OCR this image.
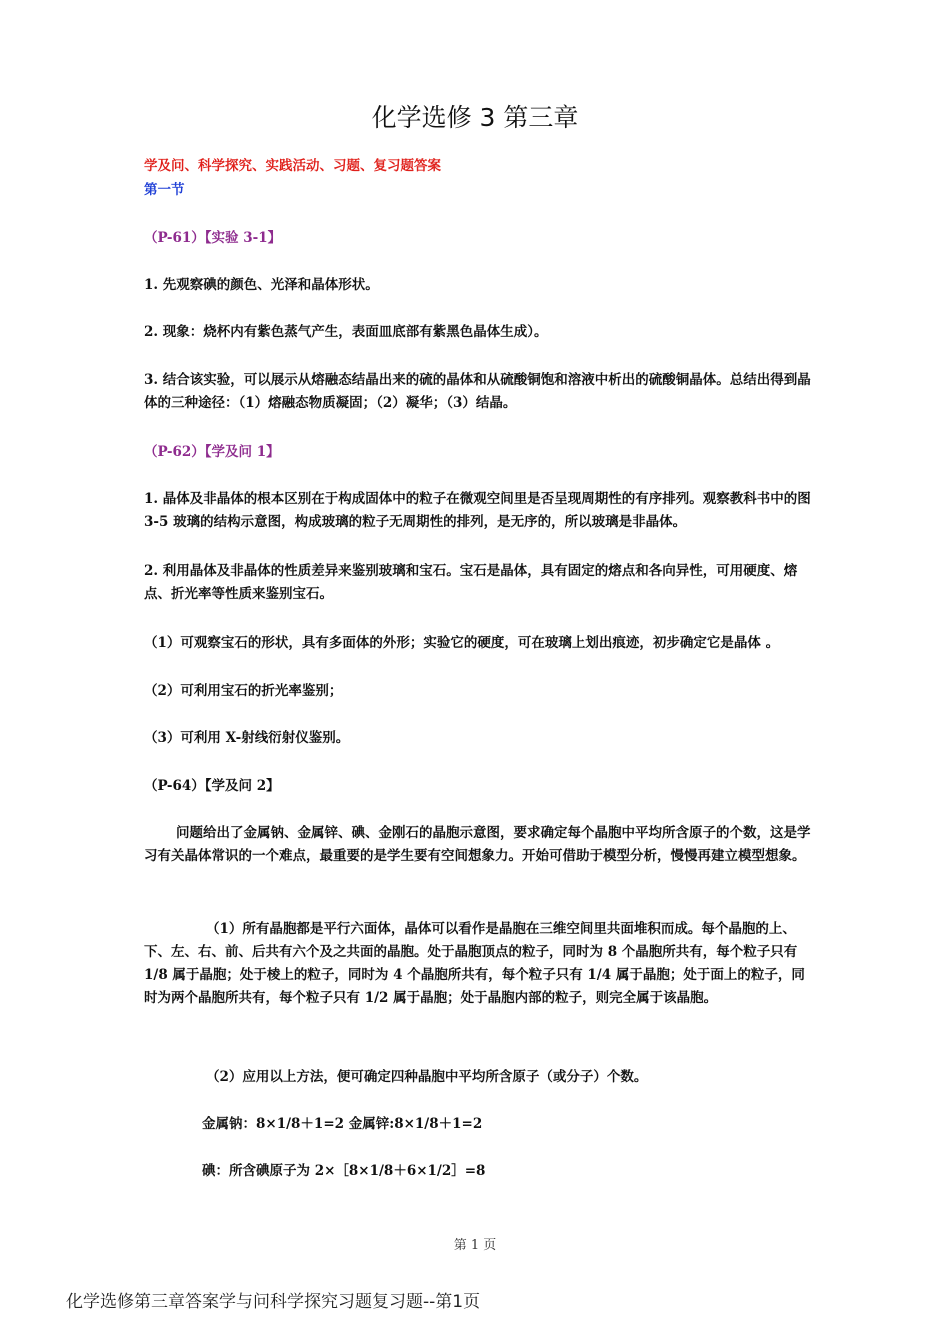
化学选修 3 第三章

学及问、科学探究、实践活动、习题、复习题答案

第一节

（P-61）【实验 3-1】

1. 先观察碘的颜色、光泽和晶体形状。

2. 现象：烧杯内有紫色蒸气产生，表面皿底部有紫黑色晶体生成）。

3. 结合该实验，可以展示从熔融态结晶出来的硫的晶体和从硫酸铜饱和溶液中析出的硫酸铜晶体。总结出得到晶体的三种途径：（1）熔融态物质凝固；（2）凝华；（3）结晶。

（P-62）【学及问 1】

1. 晶体及非晶体的根本区别在于构成固体中的粒子在微观空间里是否呈现周期性的有序排列。观察教科书中的图 3-5 玻璃的结构示意图，构成玻璃的粒子无周期性的排列，是无序的，所以玻璃是非晶体。

2. 利用晶体及非晶体的性质差异来鉴别玻璃和宝石。宝石是晶体，具有固定的熔点和各向异性，可用硬度、熔点、折光率等性质来鉴别宝石。

（1）可观察宝石的形状，具有多面体的外形；实验它的硬度，可在玻璃上划出痕迹，初步确定它是晶体 。

（2）可利用宝石的折光率鉴别；

（3）可利用 X-射线衍射仪鉴别。

（P-64）【学及问 2】

问题给出了金属钠、金属锌、碘、金刚石的晶胞示意图，要求确定每个晶胞中平均所含原子的个数，这是学习有关晶体常识的一个难点，最重要的是学生要有空间想象力。开始可借助于模型分析，慢慢再建立模型想象。

（1）所有晶胞都是平行六面体，晶体可以看作是晶胞在三维空间里共面堆积而成。每个晶胞的上、下、左、右、前、后共有六个及之共面的晶胞。处于晶胞顶点的粒子，同时为 8 个晶胞所共有，每个粒子只有 1/8 属于晶胞；处于棱上的粒子，同时为 4 个晶胞所共有，每个粒子只有 1/4 属于晶胞；处于面上的粒子，同时为两个晶胞所共有，每个粒子只有 1/2 属于晶胞；处于晶胞内部的粒子，则完全属于该晶胞。

（2）应用以上方法，便可确定四种晶胞中平均所含原子（或分子）个数。

金属钠：8×1/8＋1=2 金属锌:8×1/8＋1=2

碘：所含碘原子为 2×［8×1/8＋6×1/2］=8

第 1 页
化学选修第三章答案学与问科学探究习题复习题--第1页
